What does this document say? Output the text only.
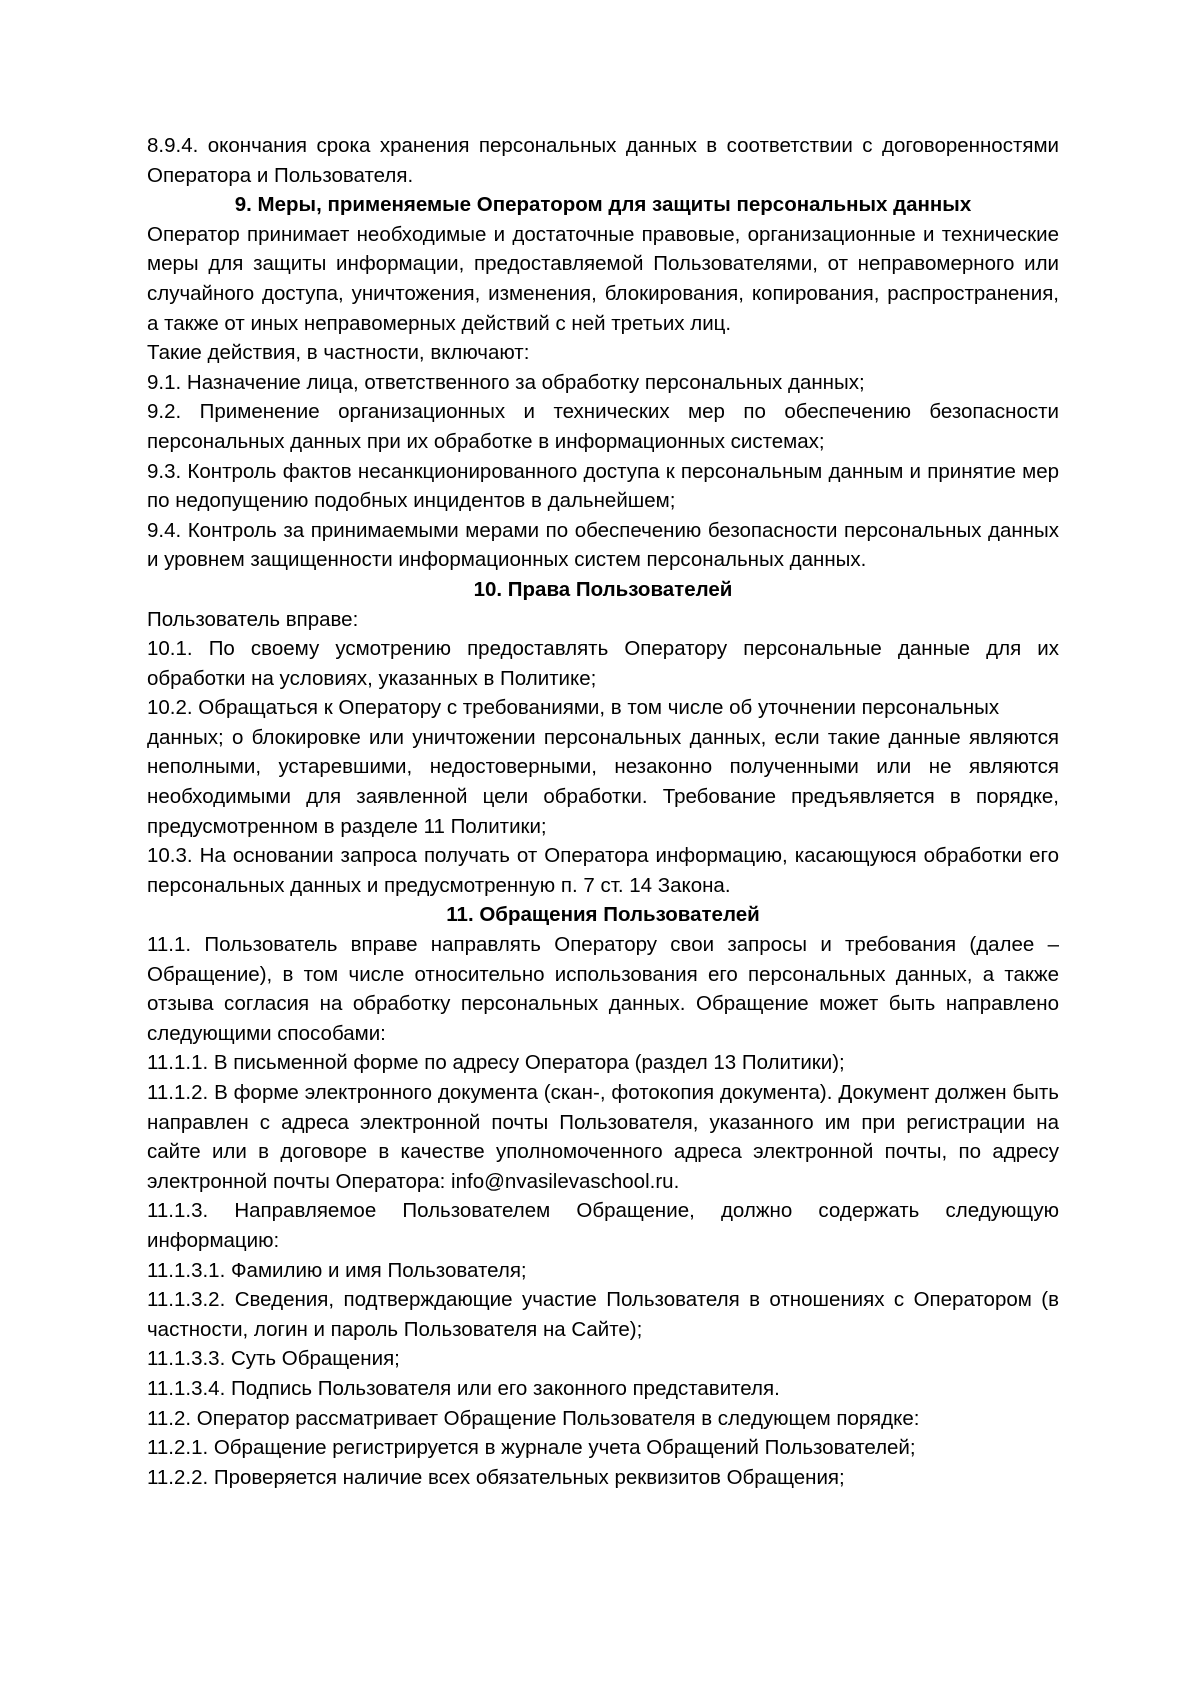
8.9.4. окончания срока хранения персональных данных в соответствии с договоренностями Оператора и Пользователя.

9. Меры, применяемые Оператором для защиты персональных данных

Оператор принимает необходимые и достаточные правовые, организационные и технические меры для защиты информации, предоставляемой Пользователями, от неправомерного или случайного доступа, уничтожения, изменения, блокирования, копирования, распространения, а также от иных неправомерных действий с ней третьих лиц.

Такие действия, в частности, включают:

9.1. Назначение лица, ответственного за обработку персональных данных;

9.2. Применение организационных и технических мер по обеспечению безопасности персональных данных при их обработке в информационных системах;

9.3. Контроль фактов несанкционированного доступа к персональным данным и принятие мер по недопущению подобных инцидентов в дальнейшем;

9.4. Контроль за принимаемыми мерами по обеспечению безопасности персональных данных и уровнем защищенности информационных систем персональных данных.

10. Права Пользователей

Пользователь вправе:

10.1. По своему усмотрению предоставлять Оператору персональные данные для их обработки на условиях, указанных в Политике;

10.2. Обращаться к Оператору с требованиями, в том числе об уточнении персональных

данных; о блокировке или уничтожении персональных данных, если такие данные являются неполными, устаревшими, недостоверными, незаконно полученными или не являются необходимыми для заявленной цели обработки. Требование предъявляется в порядке, предусмотренном в разделе 11 Политики;

10.3. На основании запроса получать от Оператора информацию, касающуюся обработки его персональных данных и предусмотренную п. 7 ст. 14 Закона.

11. Обращения Пользователей

11.1. Пользователь вправе направлять Оператору свои запросы и требования (далее – Обращение), в том числе относительно использования его персональных данных, а также отзыва согласия на обработку персональных данных. Обращение может быть направлено следующими способами:

11.1.1. В письменной форме по адресу Оператора (раздел 13 Политики);

11.1.2. В форме электронного документа (скан-, фотокопия документа). Документ должен быть направлен с адреса электронной почты Пользователя, указанного им при регистрации на сайте или в договоре в качестве уполномоченного адреса электронной почты, по адресу электронной почты Оператора: info@nvasilevaschool.ru.

11.1.3. Направляемое Пользователем Обращение, должно содержать следующую информацию:

11.1.3.1. Фамилию и имя Пользователя;

11.1.3.2. Сведения, подтверждающие участие Пользователя в отношениях с Оператором (в частности, логин и пароль Пользователя на Сайте);

11.1.3.3. Суть Обращения;

11.1.3.4. Подпись Пользователя или его законного представителя.

11.2. Оператор рассматривает Обращение Пользователя в следующем порядке:

11.2.1. Обращение регистрируется в журнале учета Обращений Пользователей;

11.2.2. Проверяется наличие всех обязательных реквизитов Обращения;
